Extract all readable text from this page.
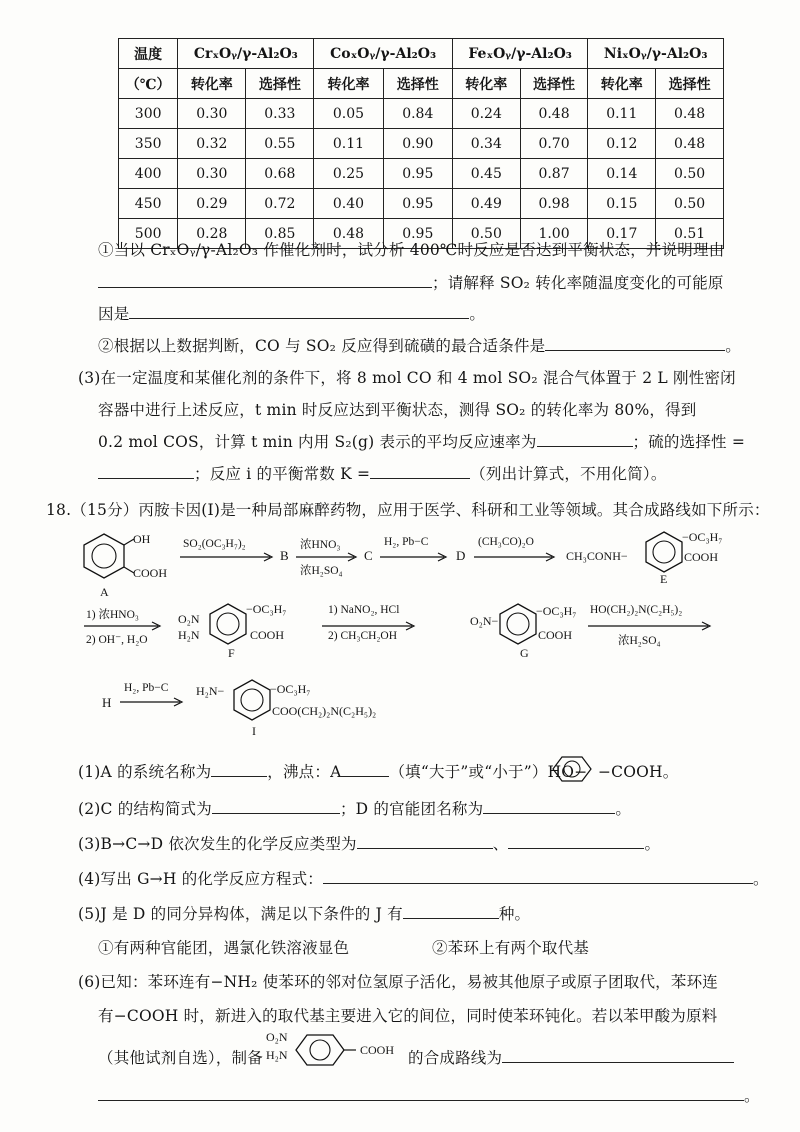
温度	CrₓOᵧ/γ-Al₂O₃		CoₓOᵧ/γ-Al₂O₃		FeₓOᵧ/γ-Al₂O₃		NiₓOᵧ/γ-Al₂O₃	
（℃）	转化率	选择性	转化率	选择性	转化率	选择性	转化率	选择性
300	0.30	0.33	0.05	0.84	0.24	0.48	0.11	0.48
350	0.32	0.55	0.11	0.90	0.34	0.70	0.12	0.48
400	0.30	0.68	0.25	0.95	0.45	0.87	0.14	0.50
450	0.29	0.72	0.40	0.95	0.49	0.98	0.15	0.50
500	0.28	0.85	0.48	0.95	0.50	1.00	0.17	0.51
①当以 CrₓOᵧ/γ-Al₂O₃ 作催化剂时，试分析 400℃时反应是否达到平衡状态，并说明理由
；请解释 SO₂ 转化率随温度变化的可能原
因是	。
②根据以上数据判断，CO 与 SO₂ 反应得到硫磺的最合适条件是	。
(3)在一定温度和某催化剂的条件下，将 8 mol CO 和 4 mol SO₂ 混合气体置于 2 L 刚性密闭
容器中进行上述反应，t min 时反应达到平衡状态，测得 SO₂ 的转化率为 80%，得到
0.2 mol COS，计算 t min 内用 S₂(g) 表示的平均反应速率为	；硫的选择性 =
；反应 ⅰ 的平衡常数 K =	（列出计算式，不用化简）。
18.（15分）丙胺卡因(Ⅰ)是一种局部麻醉药物，应用于医学、科研和工业等领域。其合成路线如下所示：
OH
COOH
A
SO₂(OC₃H₇)₂
B
浓HNO₃
浓H₂SO₄
C
H₂, Pb−C
D
(CH₃CO)₂O
CH₃CONH−
−OC₃H₇
COOH
E
1) 浓HNO₃
2) OH⁻, H₂O
O₂N
H₂N
−OC₃H₇
COOH
F
1) NaNO₂, HCl
2) CH₃CH₂OH
O₂N−
−OC₃H₇
COOH
G
HO(CH₂)₂N(C₂H₅)₂
浓H₂SO₄
H
H₂, Pb−C H₂N−	−OC₃H₇
COO(CH₂)₂N(C₂H₅)₂
I
(1)A 的系统名称为	，沸点：A	（填“大于”或“小于”）HO− −COOH。
(2)C 的结构简式为	；D 的官能团名称为	。
(3)B→C→D 依次发生的化学反应类型为	、	。
(4)写出 G→H 的化学反应方程式：	。
(5)J 是 D 的同分异构体，满足以下条件的 J 有	种。
①有两种官能团，遇氯化铁溶液显色	②苯环上有两个取代基
(6)已知：苯环连有−NH₂ 使苯环的邻对位氢原子活化，易被其他原子或原子团取代，苯环连
有−COOH 时，新进入的取代基主要进入它的间位，同时使苯环钝化。若以苯甲酸为原料
（其他试剂自选），制备
O₂N
H₂N	COOH 的合成路线为
。
